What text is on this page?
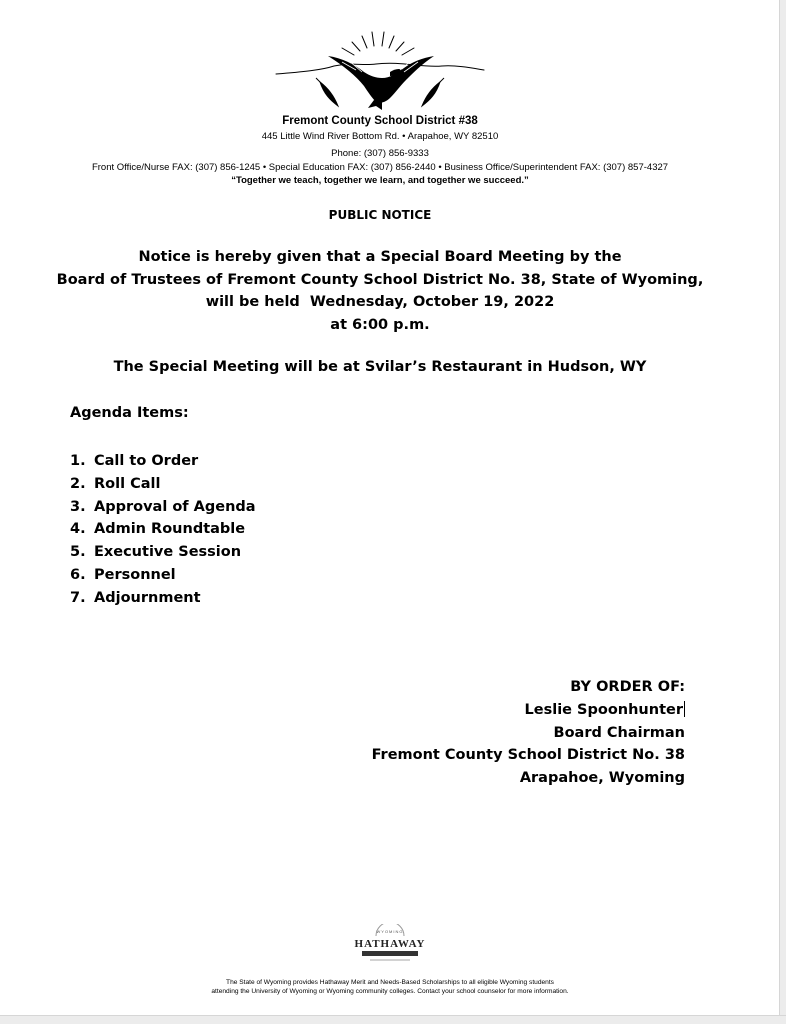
Fremont County School District #38
445 Little Wind River Bottom Rd. • Arapahoe, WY 82510
Phone: (307) 856-9333
Front Office/Nurse FAX: (307) 856-1245 • Special Education FAX: (307) 856-2440 • Business Office/Superintendent FAX: (307) 857-4327
“Together we teach, together we learn, and together we succeed.”
PUBLIC NOTICE
Notice is hereby given that a Special Board Meeting by the
Board of Trustees of Fremont County School District No. 38, State of Wyoming,
will be held  Wednesday, October 19, 2022
at 6:00 p.m.
The Special Meeting will be at Svilar’s Restaurant in Hudson, WY
Agenda Items:
1. Call to Order
2. Roll Call
3. Approval of Agenda
4. Admin Roundtable
5. Executive Session
6. Personnel
7. Adjournment
BY ORDER OF:
Leslie Spoonhunter
Board Chairman
Fremont County School District No. 38
Arapahoe, Wyoming
WYOMING
HATHAWAY
The State of Wyoming provides Hathaway Merit and Needs-Based Scholarships to all eligible Wyoming students
attending the University of Wyoming or Wyoming community colleges. Contact your school counselor for more information.
